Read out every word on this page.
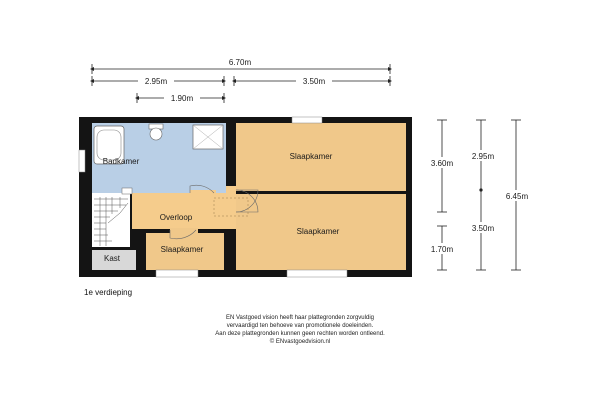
6.70m
2.95m	3.50m
1.90m
3.60m
1.70m
2.95m
3.50m
6.45m
Badkamer
Slaapkamer
Overloop
Slaapkamer
Slaapkamer
Kast
1e verdieping
EN Vastgoed vision heeft haar plattegronden zorgvuldig
vervaardigd ten behoeve van promotionele doeleinden.
Aan deze plattegronden kunnen geen rechten worden ontleend.
© ENvastgoedvision.nl
